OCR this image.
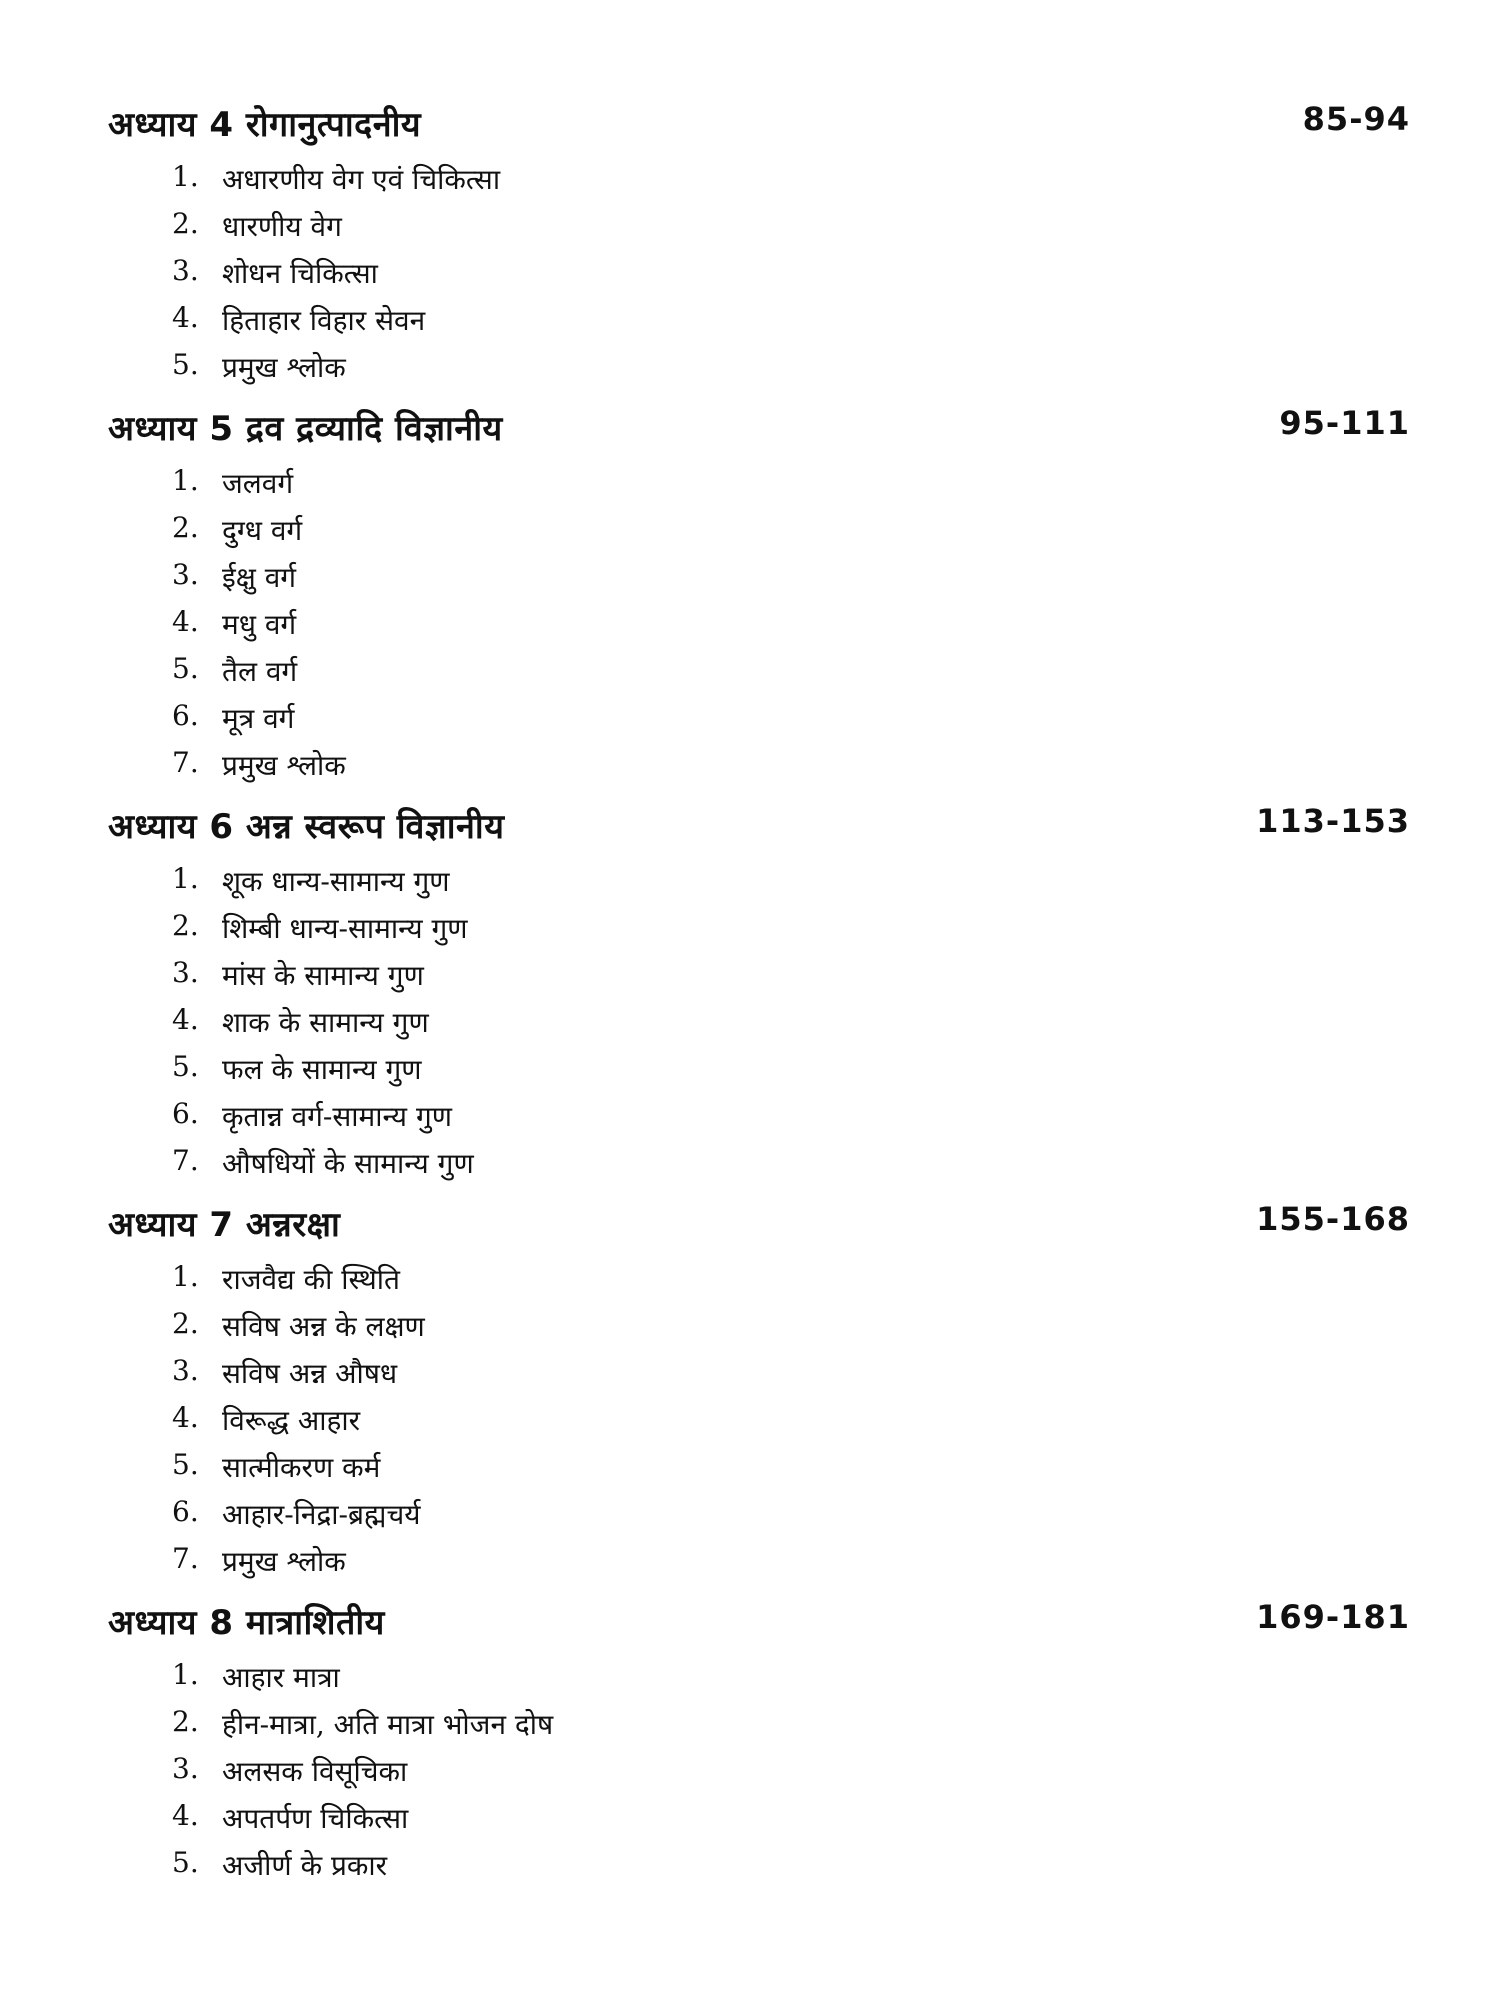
अध्याय 4 रोगानुत्पादनीय	85-94
1. अधारणीय वेग एवं चिकित्सा
2. धारणीय वेग
3. शोधन चिकित्सा
4. हिताहार विहार सेवन
5. प्रमुख श्लोक
अध्याय 5 द्रव द्रव्यादि विज्ञानीय	95-111
1. जलवर्ग
2. दुग्ध वर्ग
3. ईक्षु वर्ग
4. मधु वर्ग
5. तैल वर्ग
6. मूत्र वर्ग
7. प्रमुख श्लोक
अध्याय 6 अन्न स्वरूप विज्ञानीय	113-153
1. शूक धान्य-सामान्य गुण
2. शिम्बी धान्य-सामान्य गुण
3. मांस के सामान्य गुण
4. शाक के सामान्य गुण
5. फल के सामान्य गुण
6. कृतान्न वर्ग-सामान्य गुण
7. औषधियों के सामान्य गुण
अध्याय 7 अन्नरक्षा	155-168
1. राजवैद्य की स्थिति
2. सविष अन्न के लक्षण
3. सविष अन्न औषध
4. विरूद्ध आहार
5. सात्मीकरण कर्म
6. आहार-निद्रा-ब्रह्मचर्य
7. प्रमुख श्लोक
अध्याय 8 मात्राशितीय	169-181
1. आहार मात्रा
2. हीन-मात्रा, अति मात्रा भोजन दोष
3. अलसक विसूचिका
4. अपतर्पण चिकित्सा
5. अजीर्ण के प्रकार
